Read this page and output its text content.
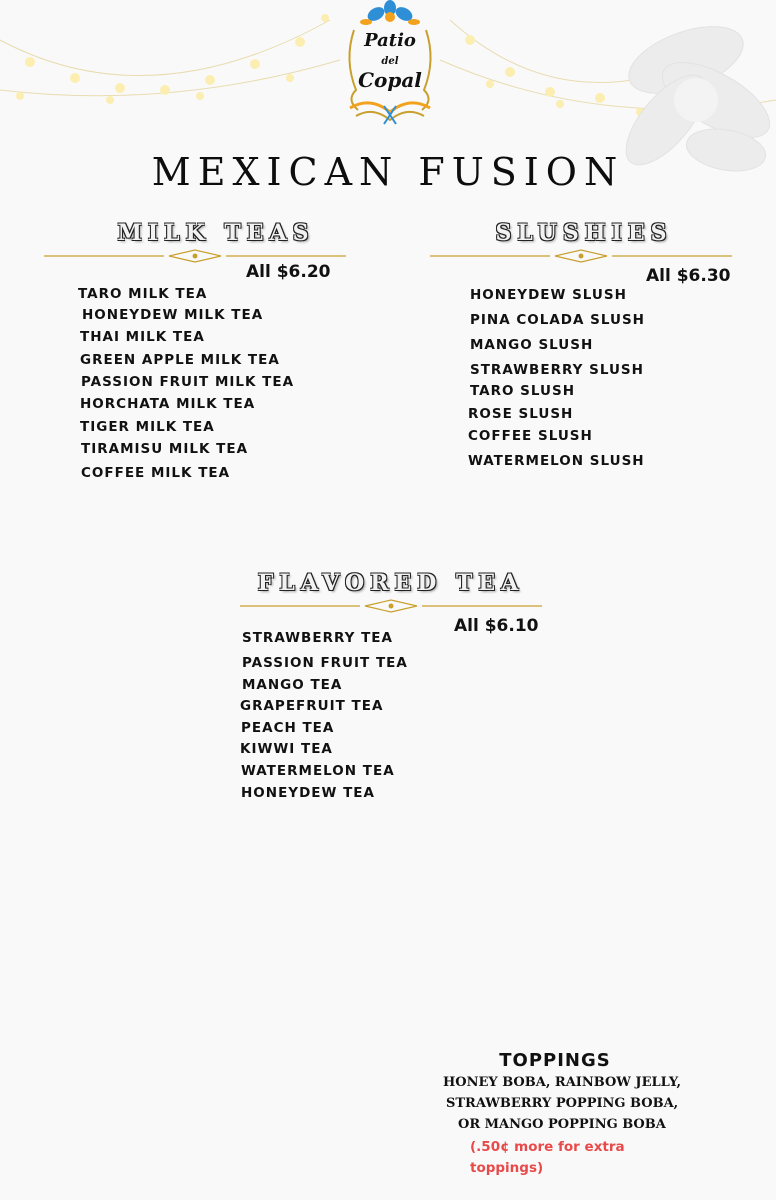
Patio
del
Copal
MEXICAN FUSION
MILK TEAS
All $6.20
TARO MILK TEA
HONEYDEW MILK TEA
THAI MILK TEA
GREEN APPLE MILK TEA
PASSION FRUIT MILK TEA
HORCHATA MILK TEA
TIGER MILK TEA
TIRAMISU MILK TEA
COFFEE MILK TEA
SLUSHIES
All $6.30
HONEYDEW SLUSH
PINA COLADA SLUSH
MANGO SLUSH
STRAWBERRY SLUSH
TARO SLUSH
ROSE SLUSH
COFFEE SLUSH
WATERMELON SLUSH
FLAVORED TEA
All $6.10
STRAWBERRY TEA
PASSION FRUIT TEA
MANGO TEA
GRAPEFRUIT TEA
PEACH TEA
KIWWI TEA
WATERMELON TEA
HONEYDEW TEA
TOPPINGS
HONEY BOBA, RAINBOW JELLY,
STRAWBERRY POPPING BOBA,
OR MANGO POPPING BOBA
(.50¢ more for extra
toppings)
